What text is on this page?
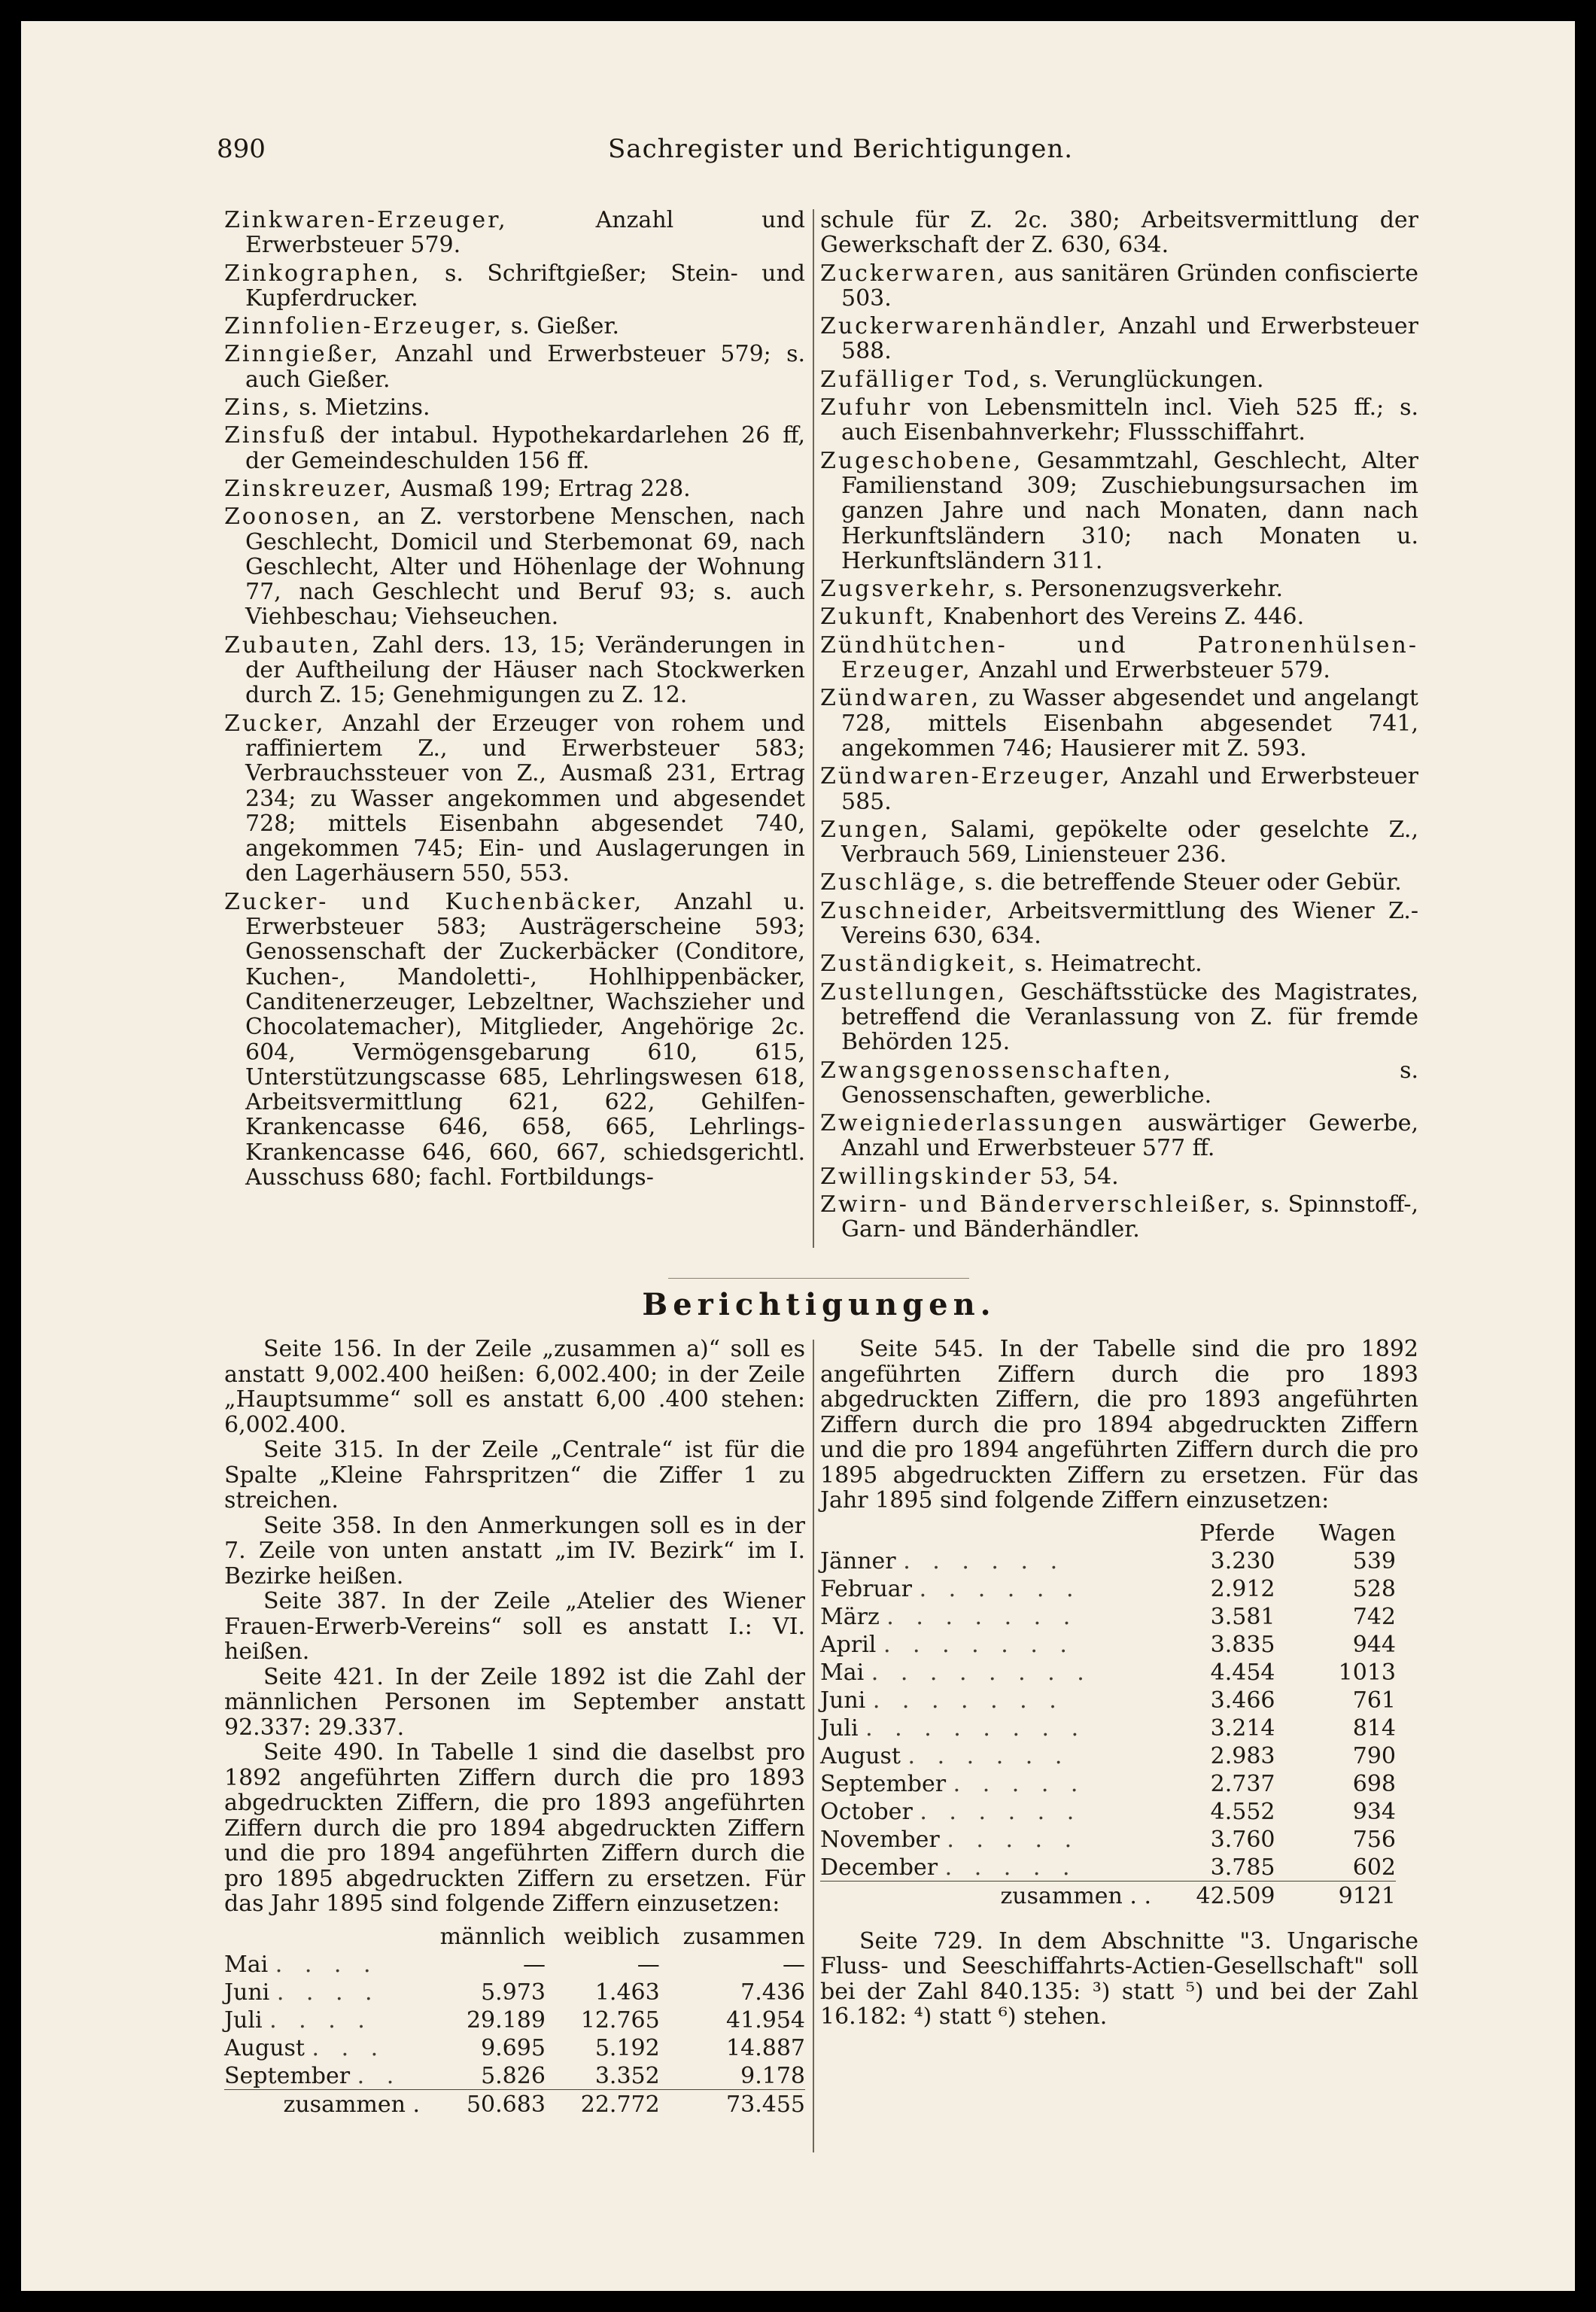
890	Sachregister und Berichtigungen.

Zinkwaren-Erzeuger, Anzahl und Erwerbsteuer 579.

Zinkographen, s. Schriftgießer; Stein- und Kupferdrucker.

Zinnfolien-Erzeuger, s. Gießer.

Zinngießer, Anzahl und Erwerbsteuer 579; s. auch Gießer.

Zins, s. Mietzins.

Zinsfuß der intabul. Hypothekardarlehen 26 ff, der Gemeindeschulden 156 ff.

Zinskreuzer, Ausmaß 199; Ertrag 228.

Zoonosen, an Z. verstorbene Menschen, nach Geschlecht, Domicil und Sterbemonat 69, nach Geschlecht, Alter und Höhenlage der Wohnung 77, nach Geschlecht und Beruf 93; s. auch Viehbeschau; Viehseuchen.

Zubauten, Zahl ders. 13, 15; Veränderungen in der Auftheilung der Häuser nach Stockwerken durch Z. 15; Genehmigungen zu Z. 12.

Zucker, Anzahl der Erzeuger von rohem und raffiniertem Z., und Erwerbsteuer 583; Verbrauchssteuer von Z., Ausmaß 231, Ertrag 234; zu Wasser angekommen und abgesendet 728; mittels Eisenbahn abgesendet 740, angekommen 745; Ein- und Auslagerungen in den Lagerhäusern 550, 553.

Zucker- und Kuchenbäcker, Anzahl u. Erwerbsteuer 583; Austrägerscheine 593; Genossenschaft der Zuckerbäcker (Conditore, Kuchen-, Mandoletti-, Hohlhippenbäcker, Canditenerzeuger, Lebzeltner, Wachszieher und Chocolatemacher), Mitglieder, Angehörige 2c. 604, Vermögensgebarung 610, 615, Unterstützungscasse 685, Lehrlingswesen 618, Arbeitsvermittlung 621, 622, Gehilfen-Krankencasse 646, 658, 665, Lehrlings-Krankencasse 646, 660, 667, schiedsgerichtl. Ausschuss 680; fachl. Fortbildungs-

schule für Z. 2c. 380; Arbeitsvermittlung der Gewerkschaft der Z. 630, 634.

Zuckerwaren, aus sanitären Gründen confiscierte 503.

Zuckerwarenhändler, Anzahl und Erwerbsteuer 588.

Zufälliger Tod, s. Verunglückungen.

Zufuhr von Lebensmitteln incl. Vieh 525 ff.; s. auch Eisenbahnverkehr; Flussschiffahrt.

Zugeschobene, Gesammtzahl, Geschlecht, Alter Familienstand 309; Zuschiebungsursachen im ganzen Jahre und nach Monaten, dann nach Herkunftsländern 310; nach Monaten u. Herkunftsländern 311.

Zugsverkehr, s. Personenzugsverkehr.

Zukunft, Knabenhort des Vereins Z. 446.

Zündhütchen- und Patronenhülsen-Erzeuger, Anzahl und Erwerbsteuer 579.

Zündwaren, zu Wasser abgesendet und angelangt 728, mittels Eisenbahn abgesendet 741, angekommen 746; Hausierer mit Z. 593.

Zündwaren-Erzeuger, Anzahl und Erwerbsteuer 585.

Zungen, Salami, gepökelte oder geselchte Z., Verbrauch 569, Liniensteuer 236.

Zuschläge, s. die betreffende Steuer oder Gebür.

Zuschneider, Arbeitsvermittlung des Wiener Z.-Vereins 630, 634.

Zuständigkeit, s. Heimatrecht.

Zustellungen, Geschäftsstücke des Magistrates, betreffend die Veranlassung von Z. für fremde Behörden 125.

Zwangsgenossenschaften, s. Genossenschaften, gewerbliche.

Zweigniederlassungen auswärtiger Gewerbe, Anzahl und Erwerbsteuer 577 ff.

Zwillingskinder 53, 54.

Zwirn- und Bänderverschleißer, s. Spinnstoff-, Garn- und Bänderhändler.

Berichtigungen.

Seite 156. In der Zeile „zusammen a)“ soll es anstatt 9,002.400 heißen: 6,002.400; in der Zeile „Hauptsumme“ soll es anstatt 6,00 .400 stehen: 6,002.400.

Seite 315. In der Zeile „Centrale“ ist für die Spalte „Kleine Fahrspritzen“ die Ziffer 1 zu streichen.

Seite 358. In den Anmerkungen soll es in der 7. Zeile von unten anstatt „im IV. Bezirk“ im I. Bezirke heißen.

Seite 387. In der Zeile „Atelier des Wiener Frauen-Erwerb-Vereins“ soll es anstatt I.: VI. heißen.

Seite 421. In der Zeile 1892 ist die Zahl der männlichen Personen im September anstatt 92.337: 29.337.

Seite 490. In Tabelle 1 sind die daselbst pro 1892 angeführten Ziffern durch die pro 1893 abgedruckten Ziffern, die pro 1893 angeführten Ziffern durch die pro 1894 abgedruckten Ziffern und die pro 1894 angeführten Ziffern durch die pro 1895 abgedruckten Ziffern zu ersetzen. Für das Jahr 1895 sind folgende Ziffern einzusetzen:

	männlich	weiblich	zusammen
Mai . . . .	—	—	—
Juni . . . .	5.973	1.463	7.436
Juli . . . .	29.189	12.765	41.954
August . . .	9.695	5.192	14.887
September . .	5.826	3.352	9.178
zusammen .	50.683	22.772	73.455

Seite 545. In der Tabelle sind die pro 1892 angeführten Ziffern durch die pro 1893 abgedruckten Ziffern, die pro 1893 angeführten Ziffern durch die pro 1894 abgedruckten Ziffern und die pro 1894 angeführten Ziffern durch die pro 1895 abgedruckten Ziffern zu ersetzen. Für das Jahr 1895 sind folgende Ziffern einzusetzen:

	Pferde	Wagen
Jänner . . . . . .	3.230	539
Februar . . . . . .	2.912	528
März . . . . . . .	3.581	742
April . . . . . . .	3.835	944
Mai . . . . . . . .	4.454	1013
Juni . . . . . . .	3.466	761
Juli . . . . . . . .	3.214	814
August . . . . . .	2.983	790
September . . . . .	2.737	698
October . . . . . .	4.552	934
November . . . . .	3.760	756
December . . . . .	3.785	602
zusammen . .	42.509	9121

Seite 729. In dem Abschnitte "3. Ungarische Fluss- und Seeschiffahrts-Actien-Gesellschaft" soll bei der Zahl 840.135: ³) statt ⁵) und bei der Zahl 16.182: ⁴) statt ⁶) stehen.
